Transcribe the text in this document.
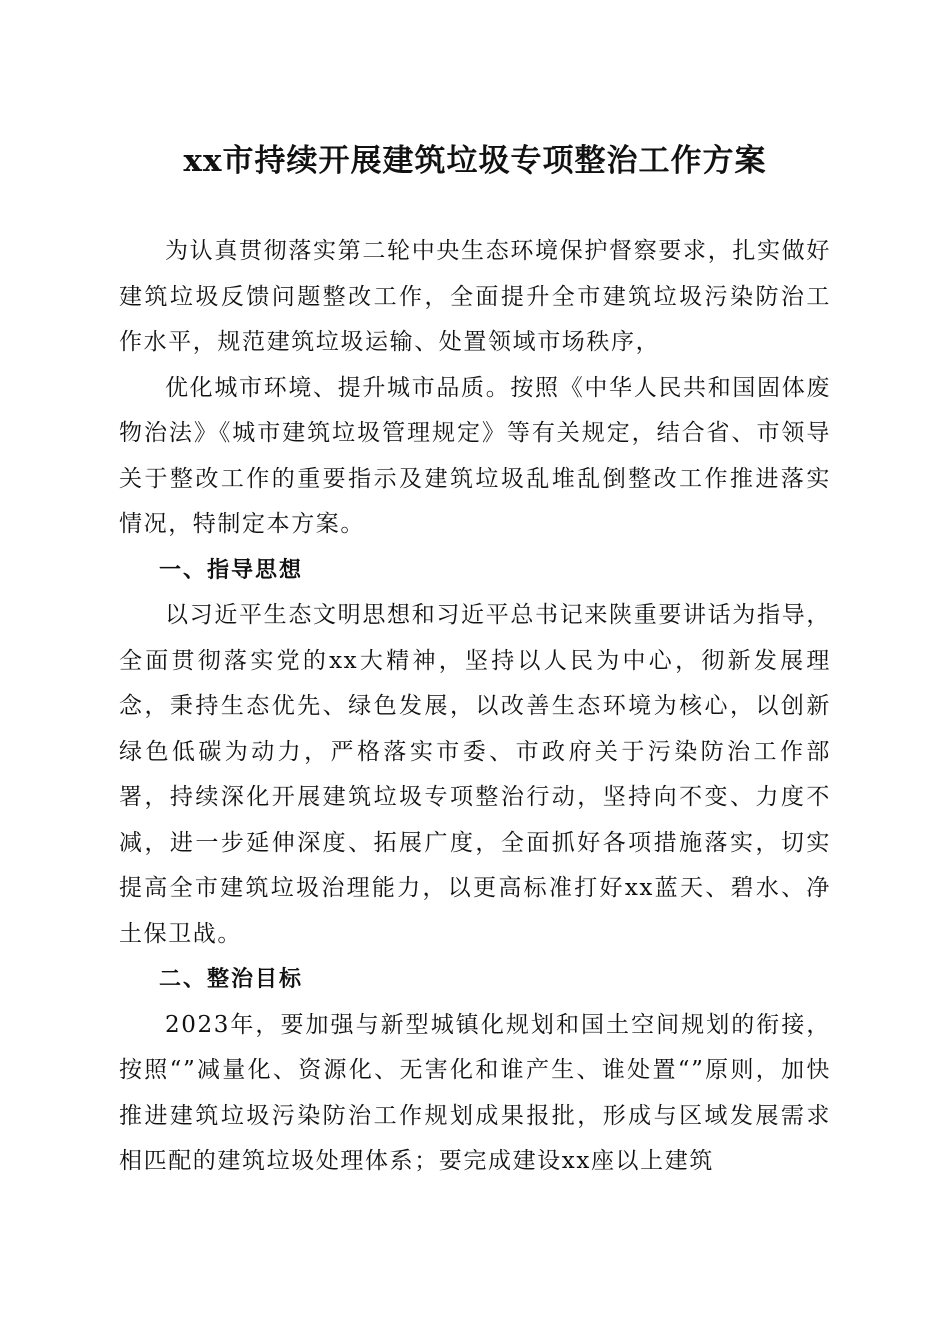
xx市持续开展建筑垃圾专项整治工作方案

为认真贯彻落实第二轮中央生态环境保护督察要求，扎实做好建筑垃圾反馈问题整改工作，全面提升全市建筑垃圾污染防治工作水平，规范建筑垃圾运输、处置领域市场秩序，

优化城市环境、提升城市品质。按照《中华人民共和国固体废物治法》《城市建筑垃圾管理规定》等有关规定，结合省、市领导关于整改工作的重要指示及建筑垃圾乱堆乱倒整改工作推进落实情况，特制定本方案。

一、指导思想

以习近平生态文明思想和习近平总书记来陕重要讲话为指导，全面贯彻落实党的xx大精神，坚持以人民为中心，彻新发展理念，秉持生态优先、绿色发展，以改善生态环境为核心，以创新绿色低碳为动力，严格落实市委、市政府关于污染防治工作部署，持续深化开展建筑垃圾专项整治行动，坚持向不变、力度不减，进一步延伸深度、拓展广度，全面抓好各项措施落实，切实提高全市建筑垃圾治理能力，以更高标准打好xx蓝天、碧水、净土保卫战。

二、整治目标

2023年，要加强与新型城镇化规划和国土空间规划的衔接，按照“”减量化、资源化、无害化和谁产生、谁处置“”原则，加快推进建筑垃圾污染防治工作规划成果报批，形成与区域发展需求相匹配的建筑垃圾处理体系；要完成建设xx座以上建筑
